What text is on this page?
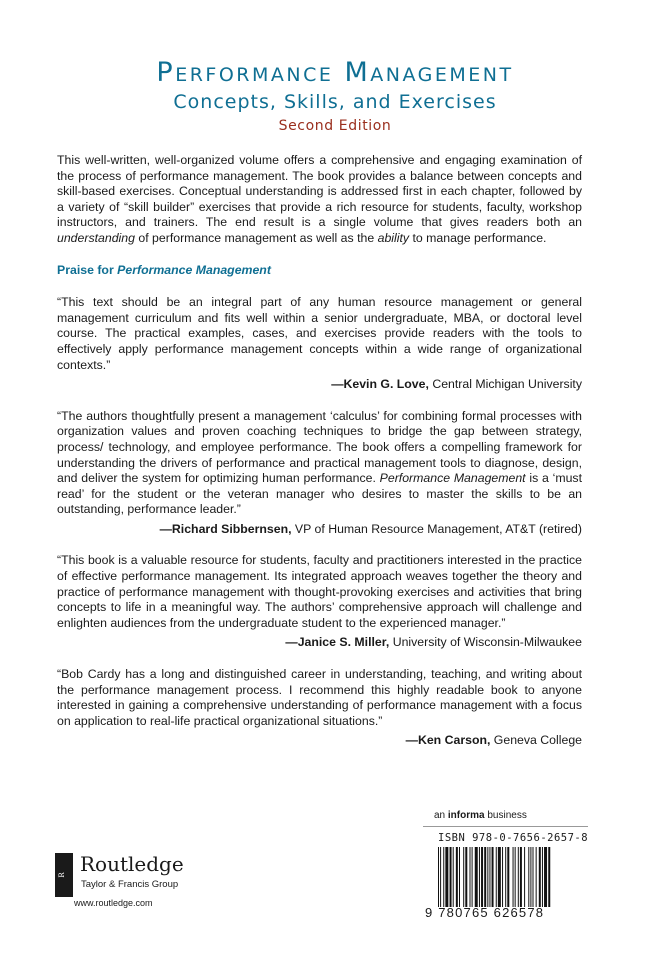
Performance Management
Concepts, Skills, and Exercises
Second Edition

This well-written, well-organized volume offers a comprehensive and engaging examination of the process of performance management. The book provides a balance between concepts and skill-based exercises. Conceptual understanding is addressed first in each chapter, followed by a variety of “skill builder” exercises that provide a rich resource for students, faculty, workshop instructors, and trainers. The end result is a single volume that gives readers both an understanding of performance management as well as the ability to manage performance.

Praise for Performance Management

“This text should be an integral part of any human resource management or general management curriculum and fits well within a senior undergraduate, MBA, or doctoral level course. The practical examples, cases, and exercises provide readers with the tools to effectively apply performance management concepts within a wide range of organizational contexts.”

—Kevin G. Love, Central Michigan University

“The authors thoughtfully present a management ‘calculus’ for combining formal processes with organization values and proven coaching techniques to bridge the gap between strategy, process/ technology, and employee performance. The book offers a compelling framework for understanding the drivers of performance and practical management tools to diagnose, design, and deliver the system for optimizing human performance. Performance Management is a ‘must read’ for the student or the veteran manager who desires to master the skills to be an outstanding, performance leader.”

—Richard Sibbernsen, VP of Human Resource Management, AT&T (retired)

“This book is a valuable resource for students, faculty and practitioners interested in the practice of effective performance management. Its integrated approach weaves together the theory and practice of performance management with thought-provoking exercises and activities that bring concepts to life in a meaningful way. The authors’ comprehensive approach will challenge and enlighten audiences from the undergraduate student to the experienced manager.”

—Janice S. Miller, University of Wisconsin-Milwaukee

“Bob Cardy has a long and distinguished career in understanding, teaching, and writing about the performance management process. I recommend this highly readable book to anyone interested in gaining a comprehensive understanding of performance management with a focus on application to real-life practical organizational situations.”

—Ken Carson, Geneva College
an informa business
ISBN 978-0-7656-2657-8
9 780765 626578
R Routledge
Taylor & Francis Group
www.routledge.com
